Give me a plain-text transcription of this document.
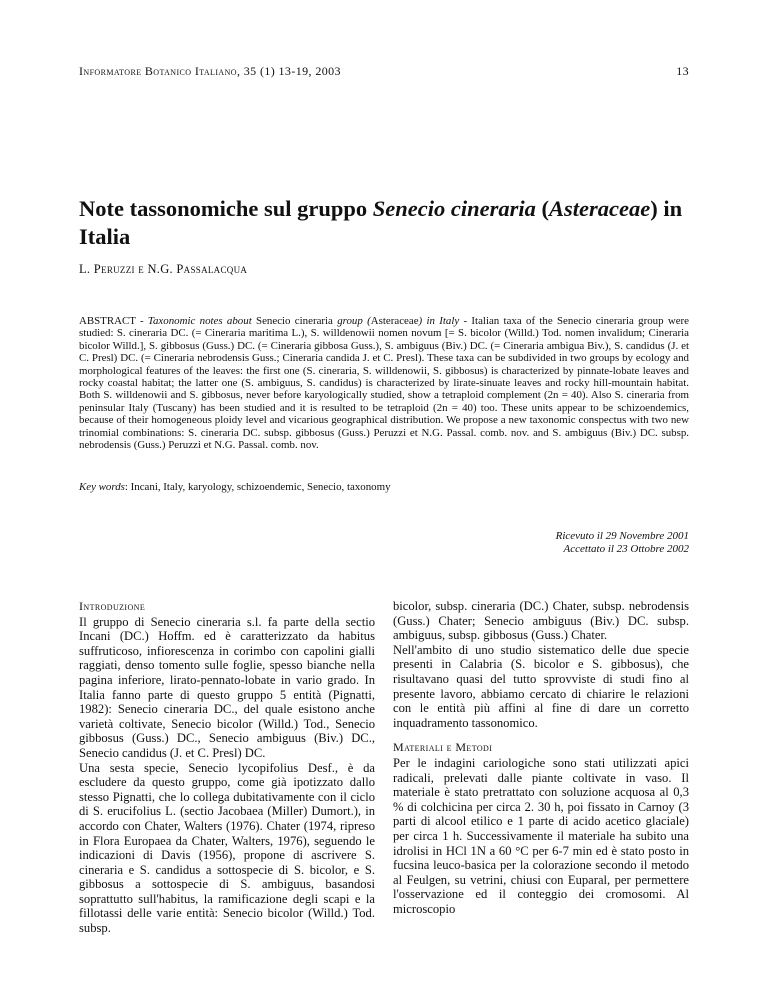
Informatore Botanico Italiano, 35 (1) 13-19, 2003	13
Note tassonomiche sul gruppo Senecio cineraria (Asteraceae) in Italia
L. Peruzzi e N.G. Passalacqua

ABSTRACT - Taxonomic notes about Senecio cineraria group (Asteraceae) in Italy - Italian taxa of the Senecio cineraria group were studied: S. cineraria DC. (= Cineraria maritima L.), S. willdenowii nomen novum [= S. bicolor (Willd.) Tod. nomen invalidum; Cineraria bicolor Willd.], S. gibbosus (Guss.) DC. (= Cineraria gibbosa Guss.), S. ambiguus (Biv.) DC. (= Cineraria ambigua Biv.), S. candidus (J. et C. Presl) DC. (= Cineraria nebrodensis Guss.; Cineraria candida J. et C. Presl). These taxa can be subdivided in two groups by ecology and morphological features of the leaves: the first one (S. cineraria, S. willdenowii, S. gibbosus) is characterized by pinnate-lobate leaves and rocky coastal habitat; the latter one (S. ambiguus, S. candidus) is characterized by lirate-sinuate leaves and rocky hill-mountain habitat. Both S. willdenowii and S. gibbosus, never before karyologically studied, show a tetraploid complement (2n = 40). Also S. cineraria from peninsular Italy (Tuscany) has been studied and it is resulted to be tetraploid (2n = 40) too. These units appear to be schizoendemics, because of their homogeneous ploidy level and vicarious geographical distribution. We propose a new taxonomic conspectus with two new trinomial combinations: S. cineraria DC. subsp. gibbosus (Guss.) Peruzzi et N.G. Passal. comb. nov. and S. ambiguus (Biv.) DC. subsp. nebrodensis (Guss.) Peruzzi et N.G. Passal. comb. nov.

Key words: Incani, Italy, karyology, schizoendemic, Senecio, taxonomy
Ricevuto il 29 Novembre 2001
Accettato il 23 Ottobre 2002
Introduzione

Il gruppo di Senecio cineraria s.l. fa parte della sectio Incani (DC.) Hoffm. ed è caratterizzato da habitus suffruticoso, infiorescenza in corimbo con capolini gialli raggiati, denso tomento sulle foglie, spesso bianche nella pagina inferiore, lirato-pennato-lobate in vario grado. In Italia fanno parte di questo gruppo 5 entità (Pignatti, 1982): Senecio cineraria DC., del quale esistono anche varietà coltivate, Senecio bicolor (Willd.) Tod., Senecio gibbosus (Guss.) DC., Senecio ambiguus (Biv.) DC., Senecio candidus (J. et C. Presl) DC.

Una sesta specie, Senecio lycopifolius Desf., è da escludere da questo gruppo, come già ipotizzato dallo stesso Pignatti, che lo collega dubitativamente con il ciclo di S. erucifolius L. (sectio Jacobaea (Miller) Dumort.), in accordo con Chater, Walters (1976). Chater (1974, ripreso in Flora Europaea da Chater, Walters, 1976), seguendo le indicazioni di Davis (1956), propone di ascrivere S. cineraria e S. candidus a sottospecie di S. bicolor, e S. gibbosus a sottospecie di S. ambiguus, basandosi soprattutto sull'habitus, la ramificazione degli scapi e la fillotassi delle varie entità: Senecio bicolor (Willd.) Tod. subsp.

bicolor, subsp. cineraria (DC.) Chater, subsp. nebrodensis (Guss.) Chater; Senecio ambiguus (Biv.) DC. subsp. ambiguus, subsp. gibbosus (Guss.) Chater.

Nell'ambito di uno studio sistematico delle due specie presenti in Calabria (S. bicolor e S. gibbosus), che risultavano quasi del tutto sprovviste di studi fino al presente lavoro, abbiamo cercato di chiarire le relazioni con le entità più affini al fine di dare un corretto inquadramento tassonomico.

Materiali e Metodi

Per le indagini cariologiche sono stati utilizzati apici radicali, prelevati dalle piante coltivate in vaso. Il materiale è stato pretrattato con soluzione acquosa al 0,3 % di colchicina per circa 2. 30 h, poi fissato in Carnoy (3 parti di alcool etilico e 1 parte di acido acetico glaciale) per circa 1 h. Successivamente il materiale ha subito una idrolisi in HCl 1N a 60 °C per 6-7 min ed è stato posto in fucsina leuco-basica per la colorazione secondo il metodo al Feulgen, su vetrini, chiusi con Euparal, per permettere l'osservazione ed il conteggio dei cromosomi. Al microscopio
